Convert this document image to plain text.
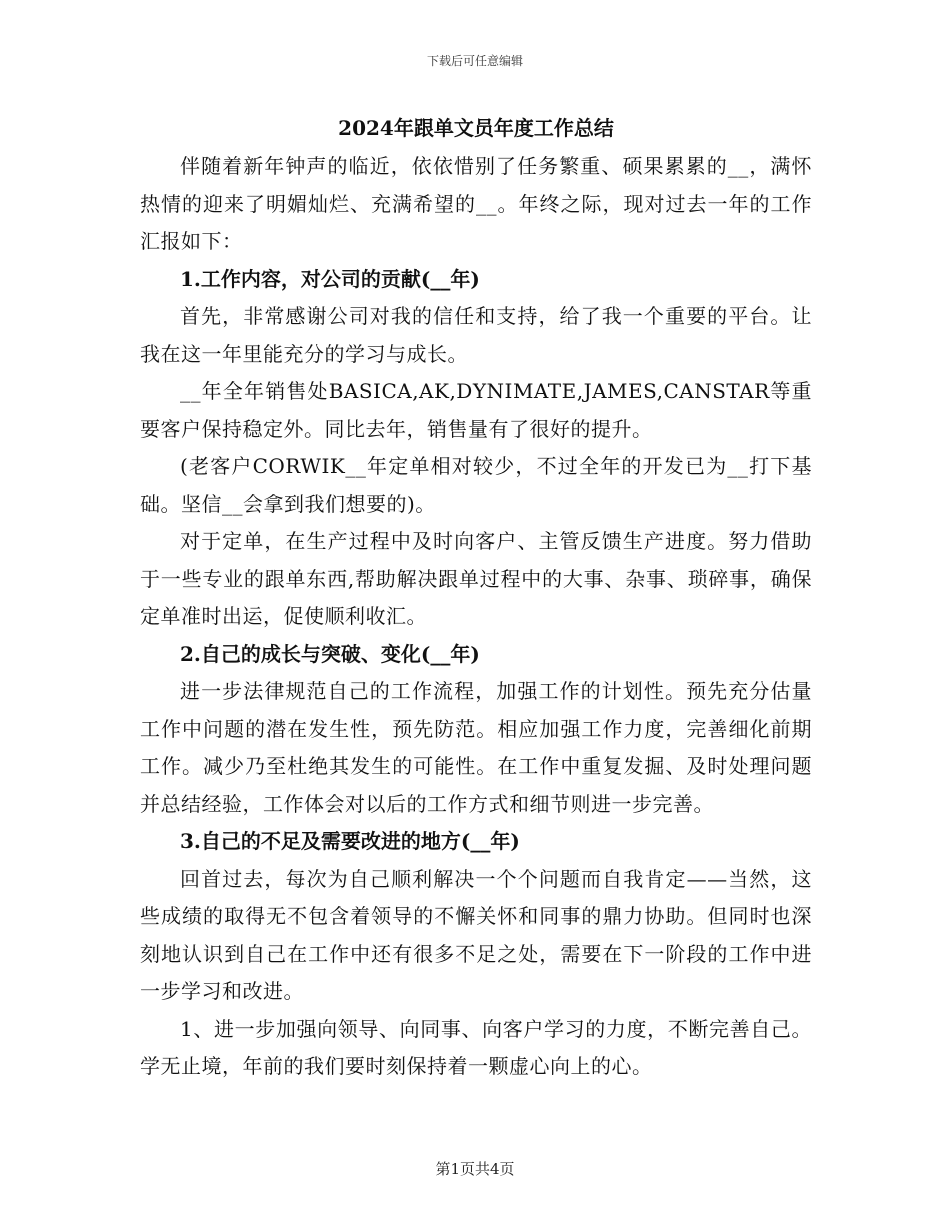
下载后可任意编辑
2024年跟单文员年度工作总结

伴随着新年钟声的临近，依依惜别了任务繁重、硕果累累的__，满怀热情的迎来了明媚灿烂、充满希望的__。年终之际，现对过去一年的工作汇报如下：

1.工作内容，对公司的贡献(__年)

首先，非常感谢公司对我的信任和支持，给了我一个重要的平台。让我在这一年里能充分的学习与成长。

__年全年销售处BASICA,AK,DYNIMATE,JAMES,CANSTAR等重要客户保持稳定外。同比去年，销售量有了很好的提升。

(老客户CORWIK__年定单相对较少，不过全年的开发已为__打下基础。坚信__会拿到我们想要的)。

对于定单，在生产过程中及时向客户、主管反馈生产进度。努力借助于一些专业的跟单东西,帮助解决跟单过程中的大事、杂事、琐碎事，确保定单准时出运，促使顺利收汇。

2.自己的成长与突破、变化(__年)

进一步法律规范自己的工作流程，加强工作的计划性。预先充分估量工作中问题的潜在发生性，预先防范。相应加强工作力度，完善细化前期工作。减少乃至杜绝其发生的可能性。在工作中重复发掘、及时处理问题并总结经验，工作体会对以后的工作方式和细节则进一步完善。

3.自己的不足及需要改进的地方(__年)

回首过去，每次为自己顺利解决一个个问题而自我肯定——当然，这些成绩的取得无不包含着领导的不懈关怀和同事的鼎力协助。但同时也深刻地认识到自己在工作中还有很多不足之处，需要在下一阶段的工作中进一步学习和改进。

1、进一步加强向领导、向同事、向客户学习的力度，不断完善自己。学无止境，年前的我们要时刻保持着一颗虚心向上的心。

第1页共4页
